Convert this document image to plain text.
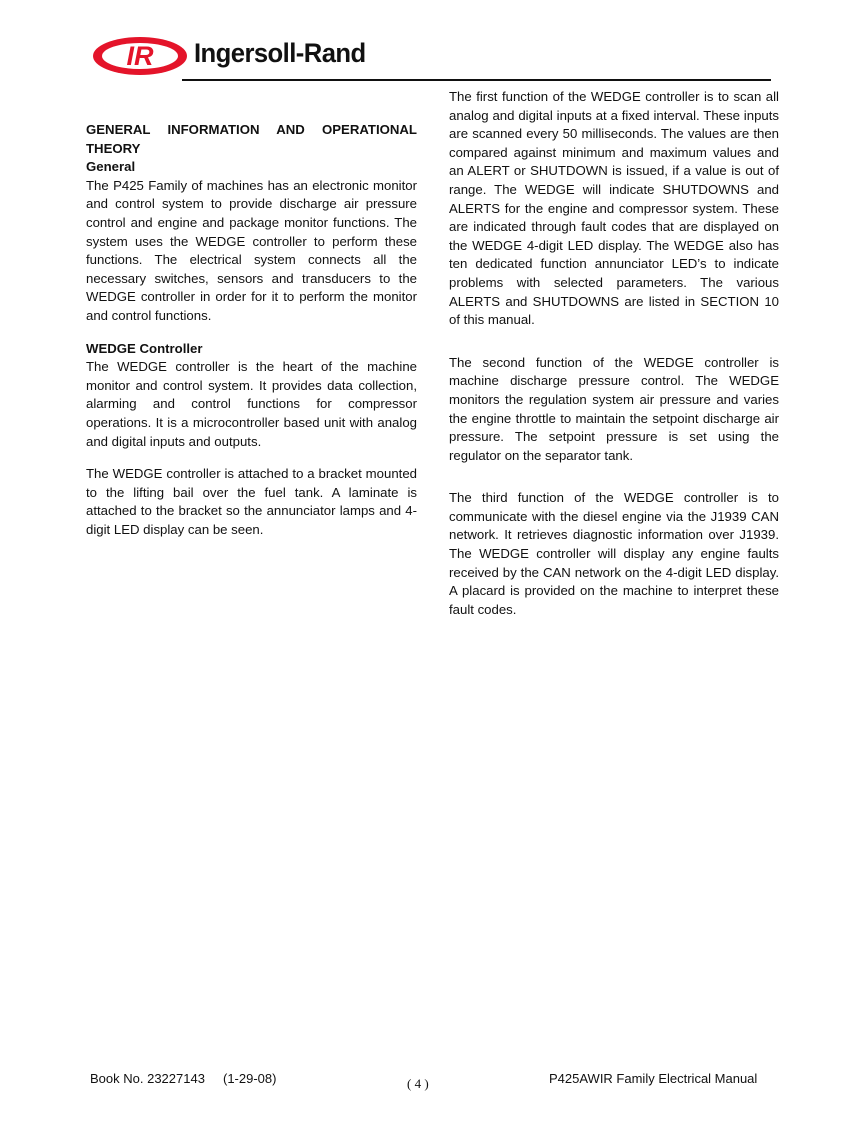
IR Ingersoll-Rand

GENERAL INFORMATION AND OPERATIONAL THEORY

General

The P425 Family of machines has an electronic monitor and control system to provide discharge air pressure control and engine and package monitor functions. The system uses the WEDGE controller to perform these functions. The electrical system connects all the necessary switches, sensors and transducers to the WEDGE controller in order for it to perform the monitor and control functions.

WEDGE Controller

The WEDGE controller is the heart of the machine monitor and control system. It provides data collection, alarming and control functions for compressor operations. It is a microcontroller based unit with analog and digital inputs and outputs.

The WEDGE controller is attached to a bracket mounted to the lifting bail over the fuel tank. A laminate is attached to the bracket so the annunciator lamps and 4-digit LED display can be seen.

The first function of the WEDGE controller is to scan all analog and digital inputs at a fixed interval. These inputs are scanned every 50 milliseconds. The values are then compared against minimum and maximum values and an ALERT or SHUTDOWN is issued, if a value is out of range. The WEDGE will indicate SHUTDOWNS and ALERTS for the engine and compressor system. These are indicated through fault codes that are displayed on the WEDGE 4-digit LED display. The WEDGE also has ten dedicated function annunciator LED’s to indicate problems with selected parameters. The various ALERTS and SHUTDOWNS are listed in SECTION 10 of this manual.

The second function of the WEDGE controller is machine discharge pressure control. The WEDGE monitors the regulation system air pressure and varies the engine throttle to maintain the setpoint discharge air pressure. The setpoint pressure is set using the regulator on the separator tank.

The third function of the WEDGE controller is to communicate with the diesel engine via the J1939 CAN network. It retrieves diagnostic information over J1939. The WEDGE controller will display any engine faults received by the CAN network on the 4-digit LED display. A placard is provided on the machine to interpret these fault codes.

Book No. 23227143     (1-29-08)	( 4 )	P425AWIR Family Electrical Manual
